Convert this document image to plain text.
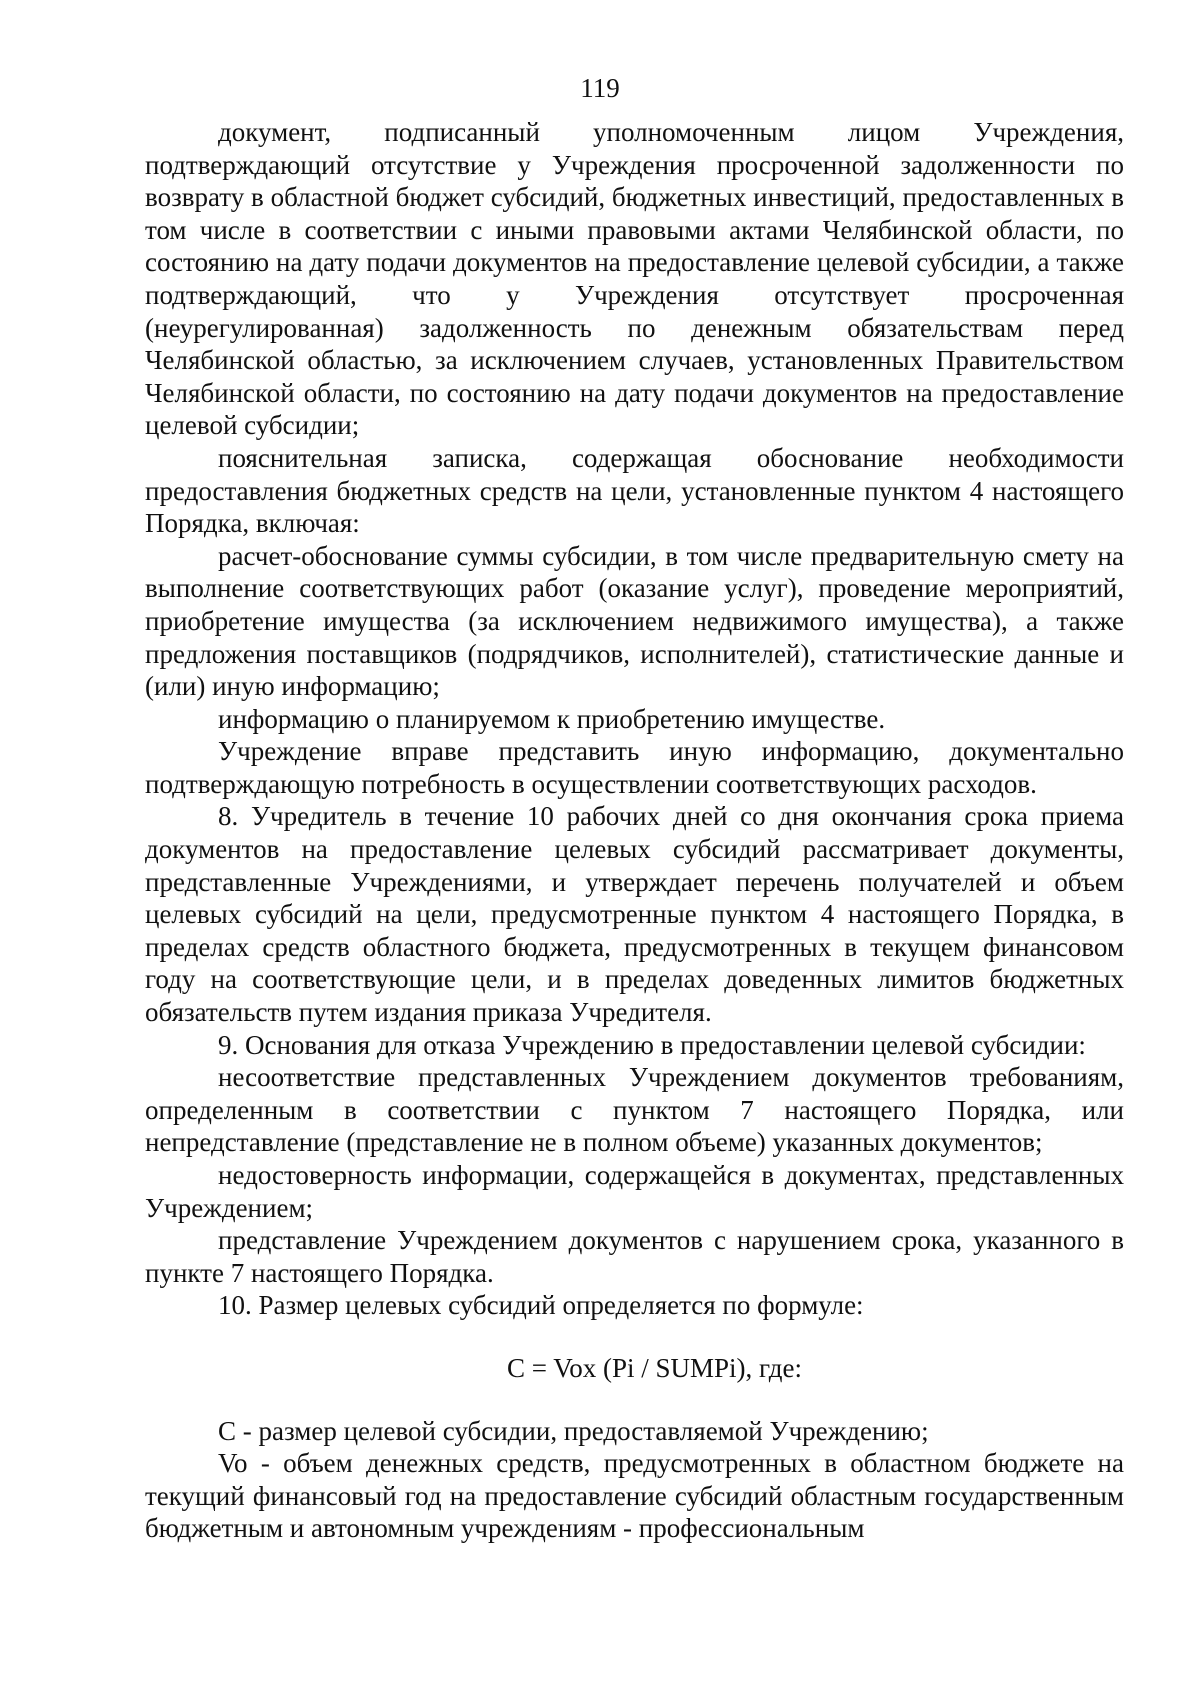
119

документ, подписанный уполномоченным лицом Учреждения, подтверждающий отсутствие у Учреждения просроченной задолженности по возврату в областной бюджет субсидий, бюджетных инвестиций, предоставленных в том числе в соответствии с иными правовыми актами Челябинской области, по состоянию на дату подачи документов на предоставление целевой субсидии, а также подтверждающий, что у Учреждения отсутствует просроченная (неурегулированная) задолженность по денежным обязательствам перед Челябинской областью, за исключением случаев, установленных Правительством Челябинской области, по состоянию на дату подачи документов на предоставление целевой субсидии;

пояснительная записка, содержащая обоснование необходимости предоставления бюджетных средств на цели, установленные пунктом 4 настоящего Порядка, включая:

расчет-обоснование суммы субсидии, в том числе предварительную смету на выполнение соответствующих работ (оказание услуг), проведение мероприятий, приобретение имущества (за исключением недвижимого имущества), а также предложения поставщиков (подрядчиков, исполнителей), статистические данные и (или) иную информацию;

информацию о планируемом к приобретению имуществе.

Учреждение вправе представить иную информацию, документально подтверждающую потребность в осуществлении соответствующих расходов.

8. Учредитель в течение 10 рабочих дней со дня окончания срока приема документов на предоставление целевых субсидий рассматривает документы, представленные Учреждениями, и утверждает перечень получателей и объем целевых субсидий на цели, предусмотренные пунктом 4 настоящего Порядка, в пределах средств областного бюджета, предусмотренных в текущем финансовом году на соответствующие цели, и в пределах доведенных лимитов бюджетных обязательств путем издания приказа Учредителя.

9. Основания для отказа Учреждению в предоставлении целевой субсидии:

несоответствие представленных Учреждением документов требованиям, определенным в соответствии с пунктом 7 настоящего Порядка, или непредставление (представление не в полном объеме) указанных документов;

недостоверность информации, содержащейся в документах, представленных Учреждением;

представление Учреждением документов с нарушением срока, указанного в пункте 7 настоящего Порядка.

10. Размер целевых субсидий определяется по формуле:

C = Vox (Pi / SUMPi), где:

C - размер целевой субсидии, предоставляемой Учреждению;

Vo - объем денежных средств, предусмотренных в областном бюджете на текущий финансовый год на предоставление субсидий областным государственным бюджетным и автономным учреждениям - профессиональным
